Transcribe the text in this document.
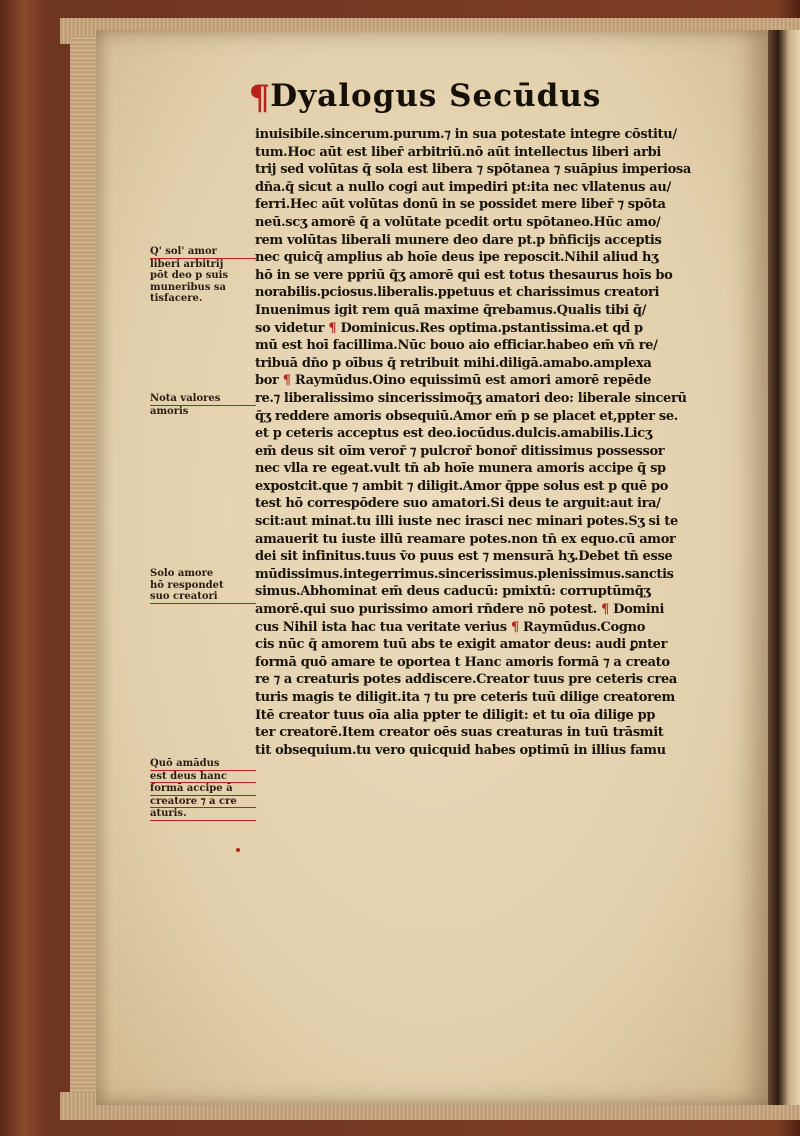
¶Dyalogus Secūdus
inuisibile.sincerum.purum.⁊ in sua potestate integre cōstitu/
tum.Hoc aūt est liber̄ arbitriū.nō aūt intellectus liberi arbi
trij sed volūtas q̄ sola est libera ⁊ spōtanea ⁊ suāpius imperiosa
dn̄a.q̄ sicut a nullo cogi aut impediri pt:ita nec vllatenus au/
ferri.Hec aūt volūtas donū in se possidet mere liber̄ ⁊ spōta
neū.scʒ amorē q̄ a volūtate pcedit ortu spōtaneo.Hūc amo/
rem volūtas liberali munere deo dare pt.p bn̄ficijs acceptis
nec quicq̄ amplius ab hoīe deus ipe reposcit.Nihil aliud hʒ
hō in se vere ppriū q̄ʒ amorē qui est totus thesaurus hoīs bo
norabilis.pciosus.liberalis.ppetuus et charissimus creatori
Inuenimus igit rem quā maxime q̄rebamus.Qualis tibi q̄/
so videtur ¶ Dominicus.Res optima.pstantissima.et qd̄ p
mū est hoī facillima.Nūc bouo aio efficiar.habeo em̄ vn̄ re/
tribuā dn̄o p oībus q̄ retribuit mihi.diligā.amabo.amplexa
bor ¶ Raymūdus.Oino equissimū est amori amorē repēde
re.⁊ liberalissimo sincerissimoq̄ʒ amatori deo: liberale sincerū
q̄ʒ reddere amoris obsequiū.Amor em̄ p se placet et,ppter se.
et p ceteris acceptus est deo.iocūdus.dulcis.amabilis.Licʒ
em̄ deus sit oīm veror̄ ⁊ pulcror̄ bonor̄ ditissimus possessor
nec vlla re egeat.vult tn̄ ab hoīe munera amoris accipe q̄ sp
expostcit.que ⁊ ambit ⁊ diligit.Amor q̄ppe solus est p quē po
test hō correspōdere suo amatori.Si deus te arguit:aut ira/
scit:aut minat.tu illi iuste nec irasci nec minari potes.Sʒ si te
amauerit tu iuste illū reamare potes.non tn̄ ex equo.cū amor
dei sit infinitus.tuus v̄o puus est ⁊ mensurā hʒ.Debet tn̄ esse
mūdissimus.integerrimus.sincerissimus.plenissimus.sanctis
simus.Abhominat em̄ deus caducū: pmixtū: corruptūmq̄ʒ
amorē.qui suo purissimo amori rn̄dere nō potest. ¶ Domini
cus Nihil ista hac tua veritate verius ¶ Raymūdus.Cogno
cis nūc q̄ amorem tuū abs te exigit amator deus: audi ꝑnter
formā quō amare te oportea t Hanc amoris formā ⁊ a creato
re ⁊ a creaturis potes addiscere.Creator tuus pre ceteris crea
turis magis te diligit.ita ⁊ tu pre ceteris tuū dilige creatorem
Itē creator tuus oīa alia ppter te diligit: et tu oīa dilige pp
ter creatorē.Item creator oēs suas creaturas in tuū trāsmit
tit obsequium.tu vero quicquid habes optimū in illius famu
Q' sol' amor
liberi arbitrij
pōt deo p suis
muneribus sa
tisfacere.
Nota valores
amoris
Solo amore
hō respondet
suo creatori
Quō amādus
est deus hanc
formā accipe ā
creatore ⁊ a cre
aturis.
